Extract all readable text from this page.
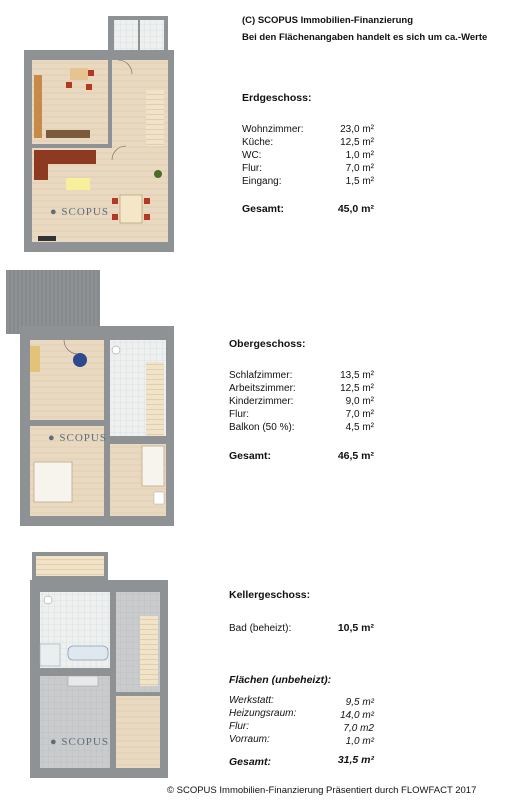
● SCOPUS
● SCOPUS
● SCOPUS
(C) SCOPUS Immobilien-Finanzierung
Bei den Flächenangaben handelt es sich um ca.-Werte
Erdgeschoss:
Wohnzimmer:	23,0 m²
Küche:	12,5 m²
WC:	1,0 m²
Flur:	7,0 m²
Eingang:	1,5 m²
Gesamt:	45,0 m²
Obergeschoss:
Schlafzimmer:	13,5 m²
Arbeitszimmer:	12,5 m²
Kinderzimmer:	9,0 m²
Flur:	7,0 m²
Balkon (50 %):	4,5 m²
Gesamt:	46,5 m²
Kellergeschoss:
Bad (beheizt):	10,5 m²
Flächen (unbeheizt):
Werkstatt:	9,5 m²
Heizungsraum:	14,0 m²
Flur:	7,0 m2
Vorraum:	1,0 m²
Gesamt:	31,5 m²
© SCOPUS Immobilien-Finanzierung Präsentiert durch FLOWFACT 2017
